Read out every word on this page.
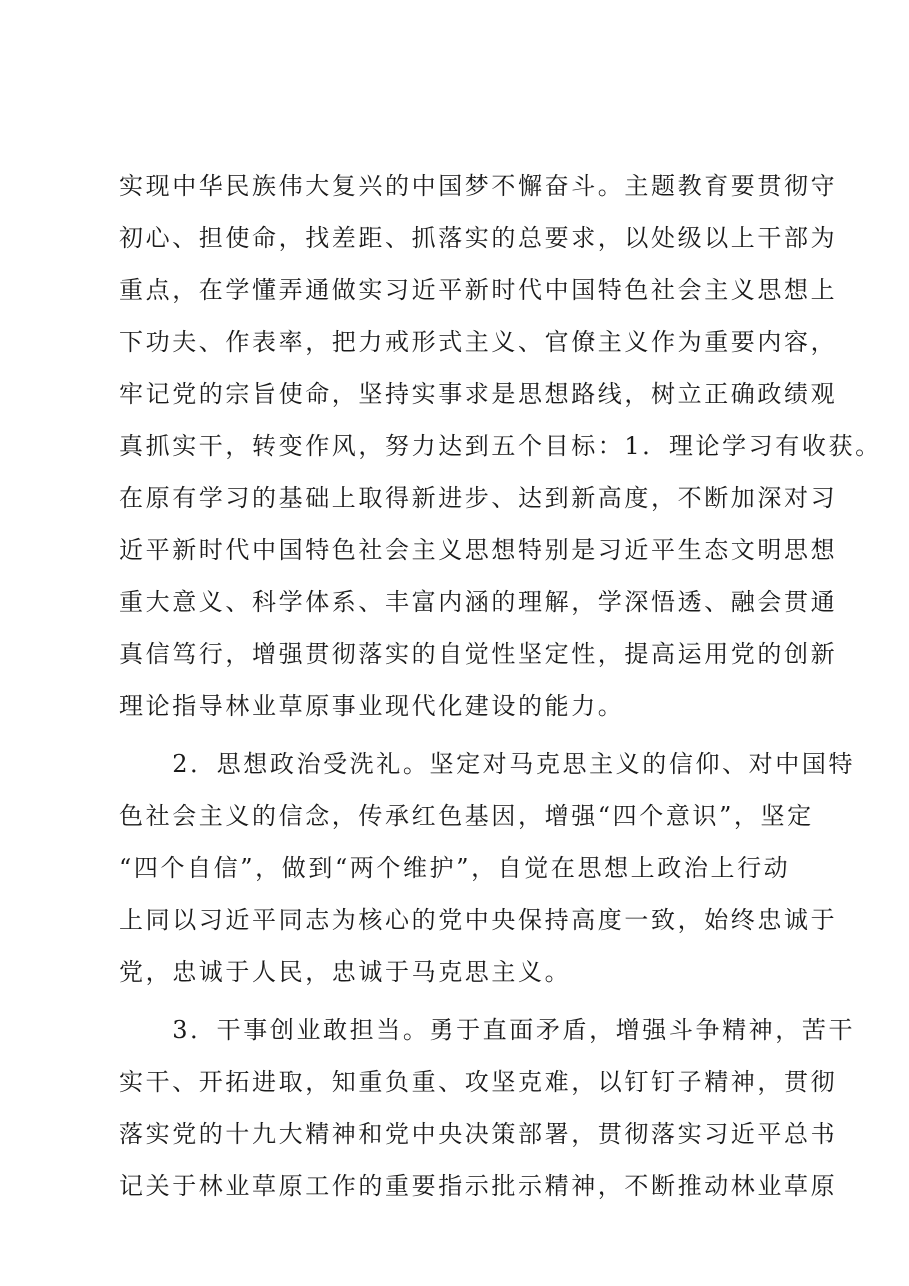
实现中华民族伟大复兴的中国梦不懈奋斗。主题教育要贯彻守
初心、担使命，找差距、抓落实的总要求，以处级以上干部为
重点，在学懂弄通做实习近平新时代中国特色社会主义思想上
下功夫、作表率，把力戒形式主义、官僚主义作为重要内容，
牢记党的宗旨使命，坚持实事求是思想路线，树立正确政绩观
真抓实干，转变作风，努力达到五个目标：1．理论学习有收获。
在原有学习的基础上取得新进步、达到新高度，不断加深对习
近平新时代中国特色社会主义思想特别是习近平生态文明思想
重大意义、科学体系、丰富内涵的理解，学深悟透、融会贯通
真信笃行，增强贯彻落实的自觉性坚定性，提高运用党的创新
理论指导林业草原事业现代化建设的能力。
　　2．思想政治受洗礼。坚定对马克思主义的信仰、对中国特
色社会主义的信念，传承红色基因，增强“四个意识”，坚定
“四个自信”，做到“两个维护”，自觉在思想上政治上行动
上同以习近平同志为核心的党中央保持高度一致，始终忠诚于
党，忠诚于人民，忠诚于马克思主义。
　　3．干事创业敢担当。勇于直面矛盾，增强斗争精神，苦干
实干、开拓进取，知重负重、攻坚克难，以钉钉子精神，贯彻
落实党的十九大精神和党中央决策部署，贯彻落实习近平总书
记关于林业草原工作的重要指示批示精神，不断推动林业草原
